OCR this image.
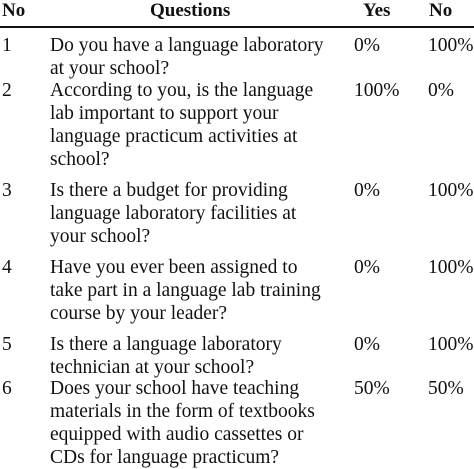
No	Questions	Yes No
1 Do you have a language laboratory
at your school?
0% 100%
2 According to you, is the language
lab important to support your
language practicum activities at
school?
100% 0%
3 Is there a budget for providing
language laboratory facilities at
your school?
0% 100%
4 Have you ever been assigned to
take part in a language lab training
course by your leader?
0% 100%
5 Is there a language laboratory
technician at your school?
0% 100%
6 Does your school have teaching
materials in the form of textbooks
equipped with audio cassettes or
CDs for language practicum?
50% 50%
